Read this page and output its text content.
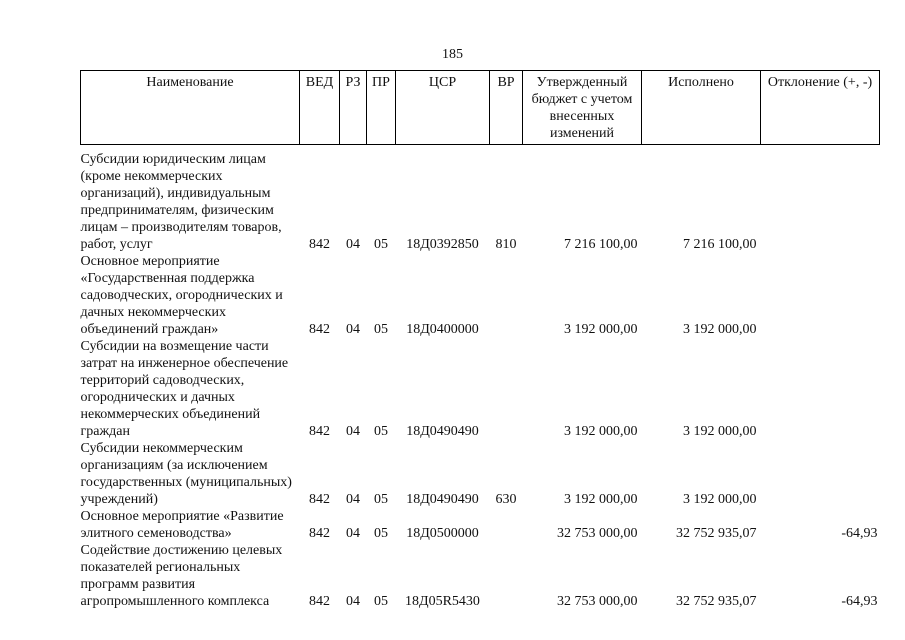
185
Наименование	ВЕД	РЗ	ПР	ЦСР	ВР	Утвержденный бюджет с учетом внесенных изменений	Исполнено	Отклонение (+, -)
Субсидии юридическим лицам (кроме некоммерческих организаций), индивидуальным предпринимателям, физическим лицам – производителям товаров, работ, услуг	842	04	05	18Д0392850	810	7 216 100,00	7 216 100,00	
Основное мероприятие «Государственная поддержка садоводческих, огороднических и дачных некоммерческих объединений граждан»	842	04	05	18Д0400000		3 192 000,00	3 192 000,00	
Субсидии на возмещение части затрат на инженерное обеспечение территорий садоводческих, огороднических и дачных некоммерческих объединений граждан	842	04	05	18Д0490490		3 192 000,00	3 192 000,00	
Субсидии некоммерческим организациям (за исключением государственных (муниципальных) учреждений)	842	04	05	18Д0490490	630	3 192 000,00	3 192 000,00	
Основное мероприятие «Развитие элитного семеноводства»	842	04	05	18Д0500000		32 753 000,00	32 752 935,07	-64,93
Содействие достижению целевых показателей региональных программ развития агропромышленного комплекса	842	04	05	18Д05R5430		32 753 000,00	32 752 935,07	-64,93
